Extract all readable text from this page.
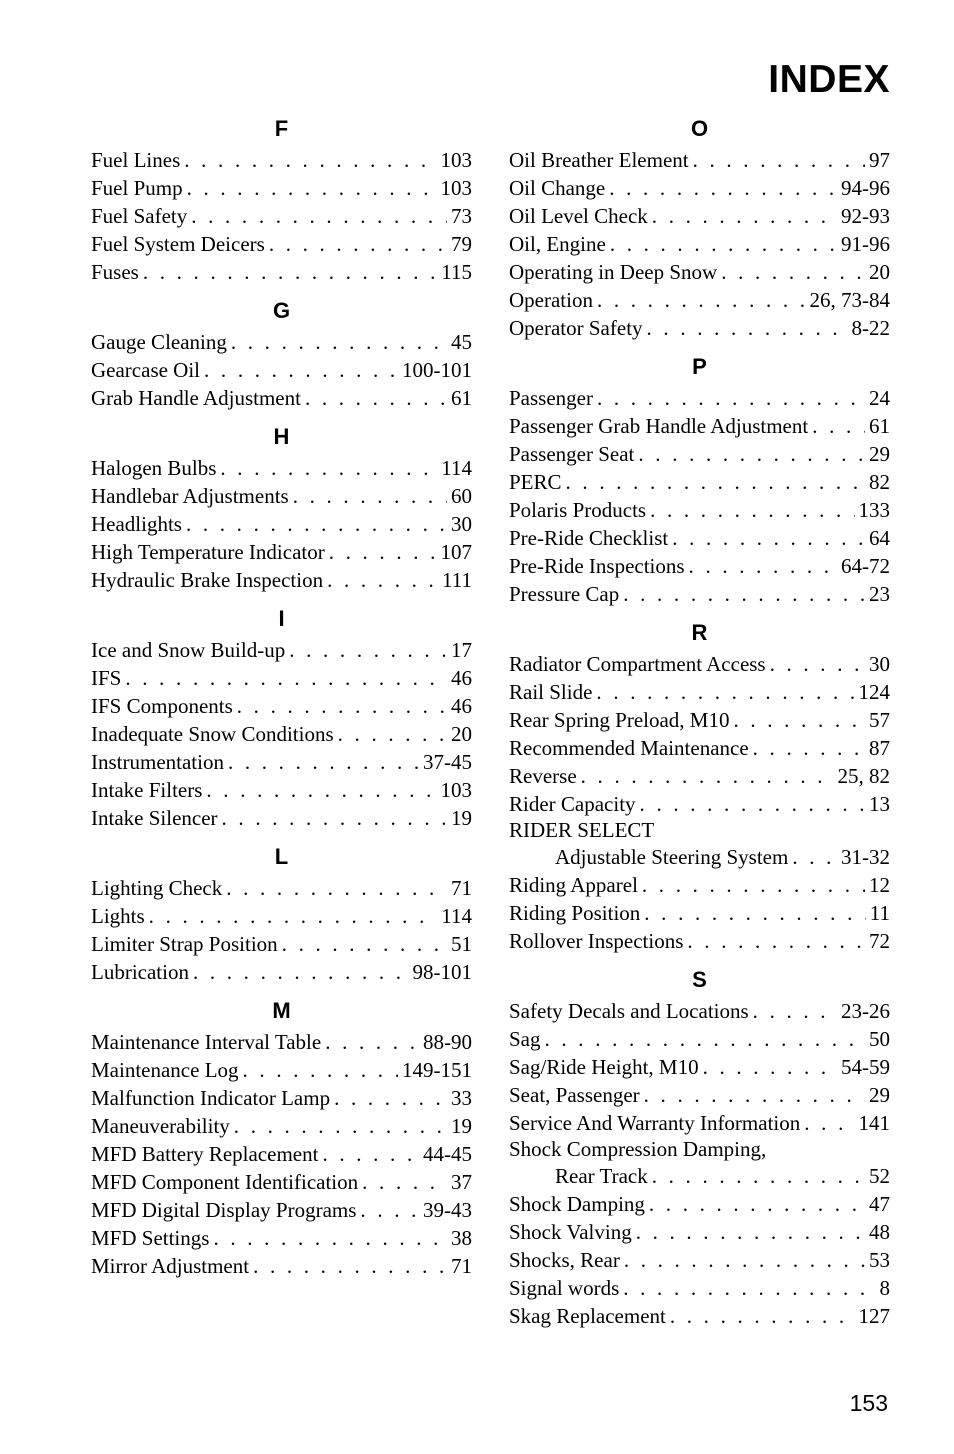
INDEX
F
Fuel Lines . . .	103
Fuel Pump . . .	103
Fuel Safety . . .	73
Fuel System Deicers . . .	79
Fuses . . .	115
G
Gauge Cleaning . . .	45
Gearcase Oil . . .	100-101
Grab Handle Adjustment . . .	61
H
Halogen Bulbs . . .	114
Handlebar Adjustments . . .	60
Headlights . . .	30
High Temperature Indicator . . .	107
Hydraulic Brake Inspection . . .	111
I
Ice and Snow Build-up . . .	17
IFS . . .	46
IFS Components . . .	46
Inadequate Snow Conditions . . .	20
Instrumentation . . .	37-45
Intake Filters . . .	103
Intake Silencer . . .	19
L
Lighting Check . . .	71
Lights . . .	114
Limiter Strap Position . . .	51
Lubrication . . .	98-101
M
Maintenance Interval Table . . .	88-90
Maintenance Log . . .	149-151
Malfunction Indicator Lamp . . .	33
Maneuverability . . .	19
MFD Battery Replacement . . .	44-45
MFD Component Identification . . .	37
MFD Digital Display Programs . . .	39-43
MFD Settings . . .	38
Mirror Adjustment . . .	71
O
Oil Breather Element . . .	97
Oil Change . . .	94-96
Oil Level Check . . .	92-93
Oil, Engine . . .	91-96
Operating in Deep Snow . . .	20
Operation . . .	26, 73-84
Operator Safety . . .	8-22
P
Passenger . . .	24
Passenger Grab Handle Adjustment . . .	61
Passenger Seat . . .	29
PERC . . .	82
Polaris Products . . .	133
Pre-Ride Checklist . . .	64
Pre-Ride Inspections . . .	64-72
Pressure Cap . . .	23
R
Radiator Compartment Access . . .	30
Rail Slide . . .	124
Rear Spring Preload, M10 . . .	57
Recommended Maintenance . . .	87
Reverse . . .	25, 82
Rider Capacity . . .	13
RIDER SELECT
Adjustable Steering System . . .	31-32
Riding Apparel . . .	12
Riding Position . . .	11
Rollover Inspections . . .	72
S
Safety Decals and Locations . . .	23-26
Sag . . .	50
Sag/Ride Height, M10 . . .	54-59
Seat, Passenger . . .	29
Service And Warranty Information . . .	141
Shock Compression Damping,
Rear Track . . .	52
Shock Damping . . .	47
Shock Valving . . .	48
Shocks, Rear . . .	53
Signal words . . .	8
Skag Replacement . . .	127
153
